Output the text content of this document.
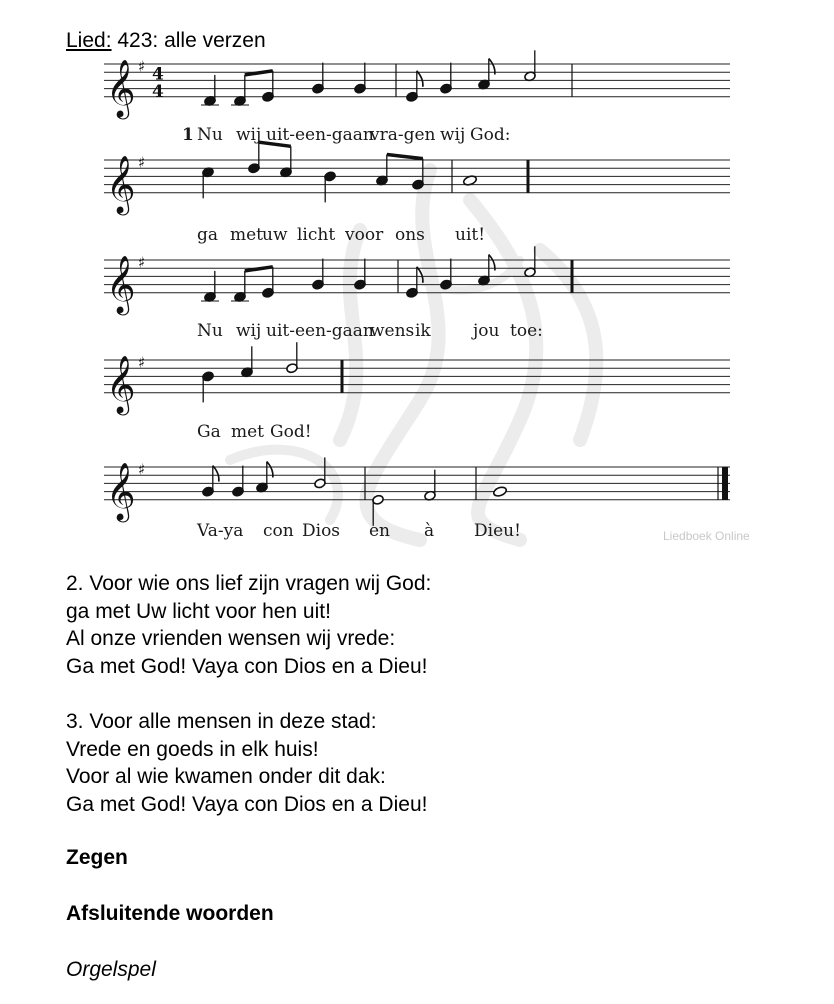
Lied: 423: alle verzen
𝄞 ♯ 4
4
𝄞 ♯
𝄞 ♯
𝄞 ♯
𝄞 ♯
1 Nu wij uit-een-gaan
vra-gen wij God:
ga met
uw licht voor ons uit!
Nu wij uit-een-gaan
wens ik jou toe:
Ga met God!
Va-ya con Dios en à Dieu!	Liedboek Online
2. Voor wie ons lief zijn vragen wij God:
ga met Uw licht voor hen uit!
Al onze vrienden wensen wij vrede:
Ga met God! Vaya con Dios en a Dieu!
3. Voor alle mensen in deze stad:
Vrede en goeds in elk huis!
Voor al wie kwamen onder dit dak:
Ga met God! Vaya con Dios en a Dieu!
Zegen
Afsluitende woorden
Orgelspel
